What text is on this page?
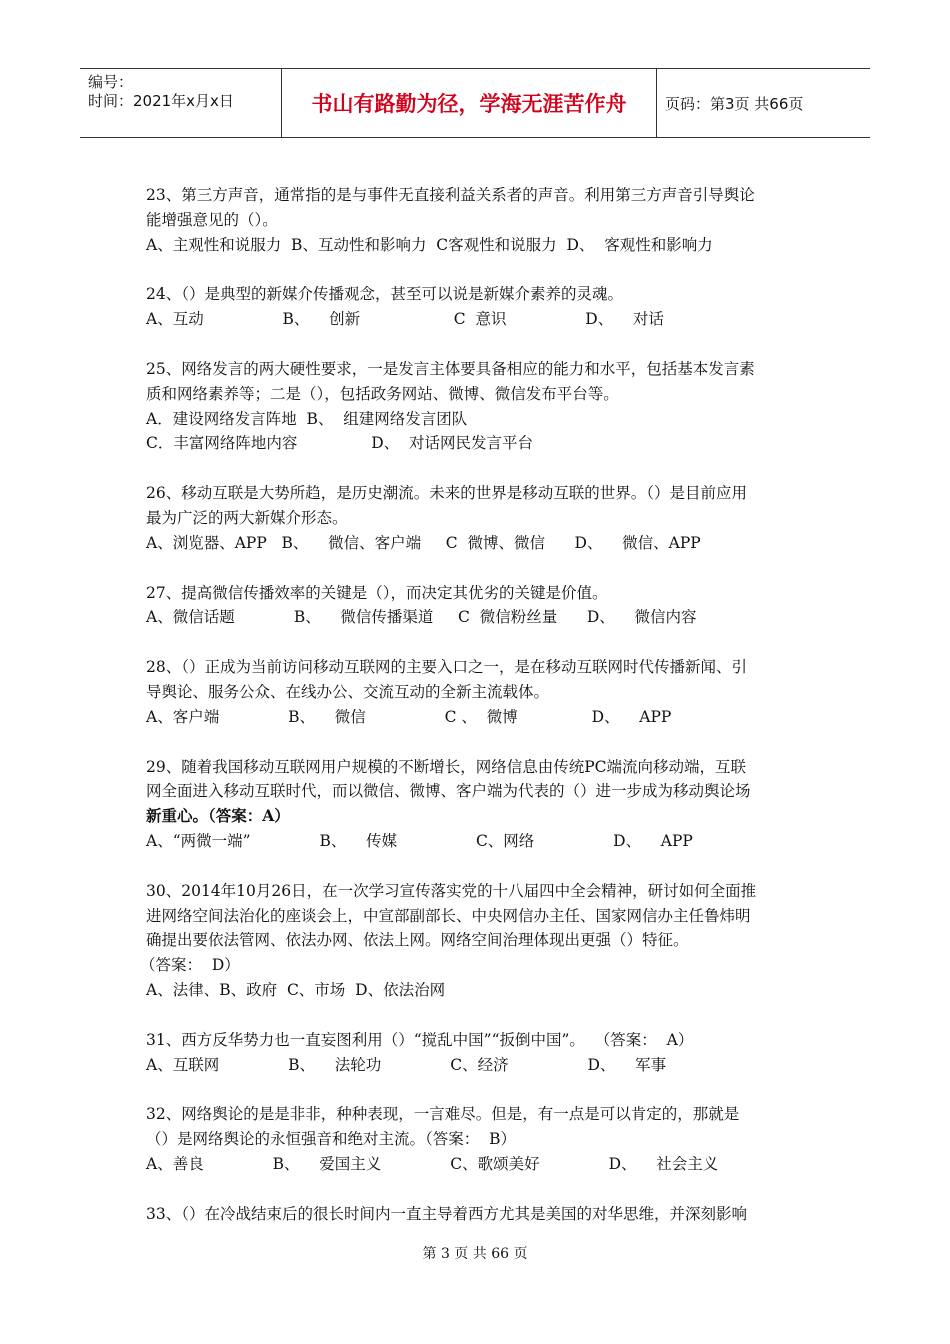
编号：
时间：2021年x月x日	书山有路勤为径，学海无涯苦作舟	页码：第3页 共66页
23、第三方声音，通常指的是与事件无直接利益关系者的声音。利用第三方声音引导舆论
能增强意见的（）。
A、主观性和说服力  B、互动性和影响力  C客观性和说服力  D、  客观性和影响力
24、（）是典型的新媒介传播观念，甚至可以说是新媒介素养的灵魂。
A、互动                B、    创新                   C  意识                D、    对话
25、网络发言的两大硬性要求，一是发言主体要具备相应的能力和水平，包括基本发言素
质和网络素养等；二是（），包括政务网站、微博、微信发布平台等。
A．建设网络发言阵地  B、  组建网络发言团队
C．丰富网络阵地内容               D、  对话网民发言平台
26、移动互联是大势所趋，是历史潮流。未来的世界是移动互联的世界。（）是目前应用
最为广泛的两大新媒介形态。
A、浏览器、APP   B、    微信、客户端     C  微博、微信      D、    微信、APP
27、提高微信传播效率的关键是（），而决定其优劣的关键是价值。
A、微信话题            B、    微信传播渠道     C  微信粉丝量      D、    微信内容
28、（）正成为当前访问移动互联网的主要入口之一，是在移动互联网时代传播新闻、引
导舆论、服务公众、在线办公、交流互动的全新主流载体。
A、客户端              B、    微信                C 、  微博               D、    APP
29、随着我国移动互联网用户规模的不断增长，网络信息由传统PC端流向移动端，互联
网全面进入移动互联时代，而以微信、微博、客户端为代表的（）进一步成为移动舆论场
新重心。（答案：A）
A、“两微一端”              B、    传媒                C、网络                D、    APP
30、2014年10月26日，在一次学习宣传落实党的十八届四中全会精神，研讨如何全面推
进网络空间法治化的座谈会上，中宣部副部长、中央网信办主任、国家网信办主任鲁炜明
确提出要依法管网、依法办网、依法上网。网络空间治理体现出更强（）特征。
（答案：  D）
A、法律、B、政府  C、市场  D、依法治网
31、西方反华势力也一直妄图利用（）“搅乱中国”“扳倒中国”。  （答案：  A）
A、互联网              B、    法轮功              C、经济                D、    军事
32、网络舆论的是是非非，种种表现，一言难尽。但是，有一点是可以肯定的，那就是
（）是网络舆论的永恒强音和绝对主流。（答案：  B）
A、善良              B、    爱国主义              C、歌颂美好              D、    社会主义
33、（）在冷战结束后的很长时间内一直主导着西方尤其是美国的对华思维，并深刻影响
第 3 页 共 66 页
